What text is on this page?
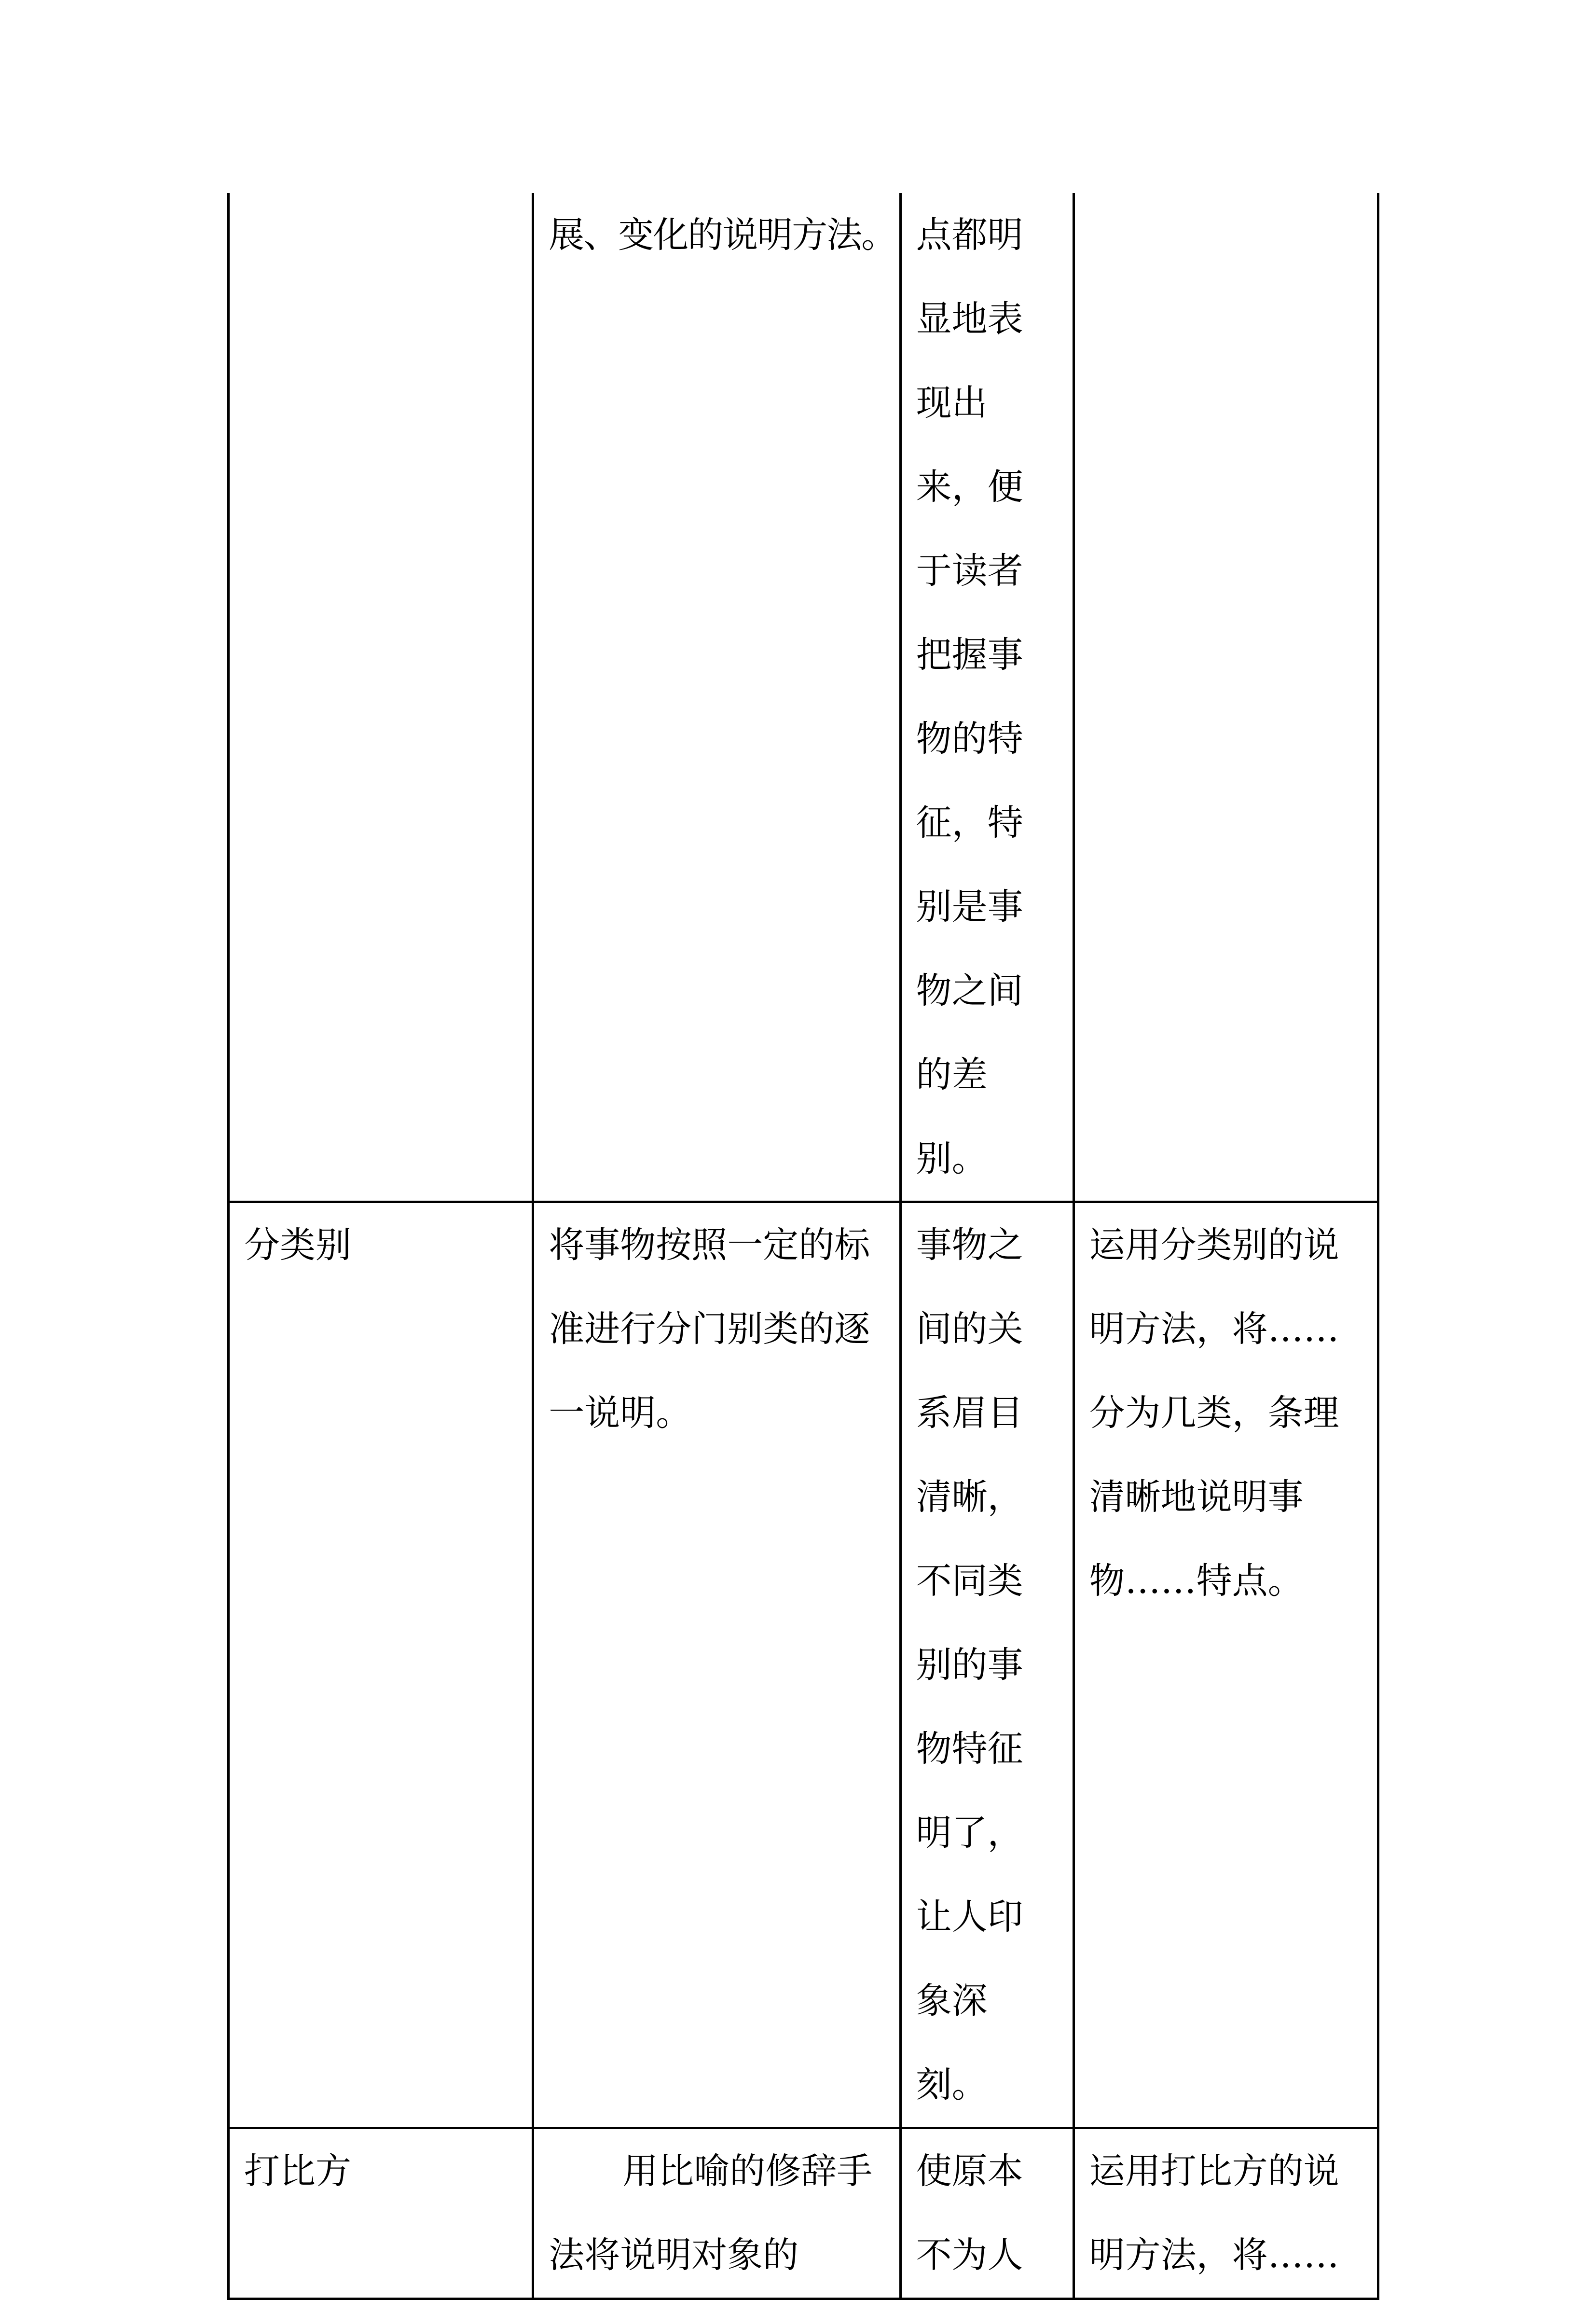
	展、变化的说明方法。	点都明显地表现出来，便于读者把握事物的特征，特别是事物之间的差别。	
分类别	将事物按照一定的标准进行分门别类的逐一说明。	事物之间的关系眉目清晰，不同类别的事物特征明了，让人印象深刻。	运用分类别的说明方法，将……分为几类，条理清晰地说明事物……特点。
打比方	用比喻的修辞手法将说明对象的	使原本不为人	运用打比方的说明方法，将……
